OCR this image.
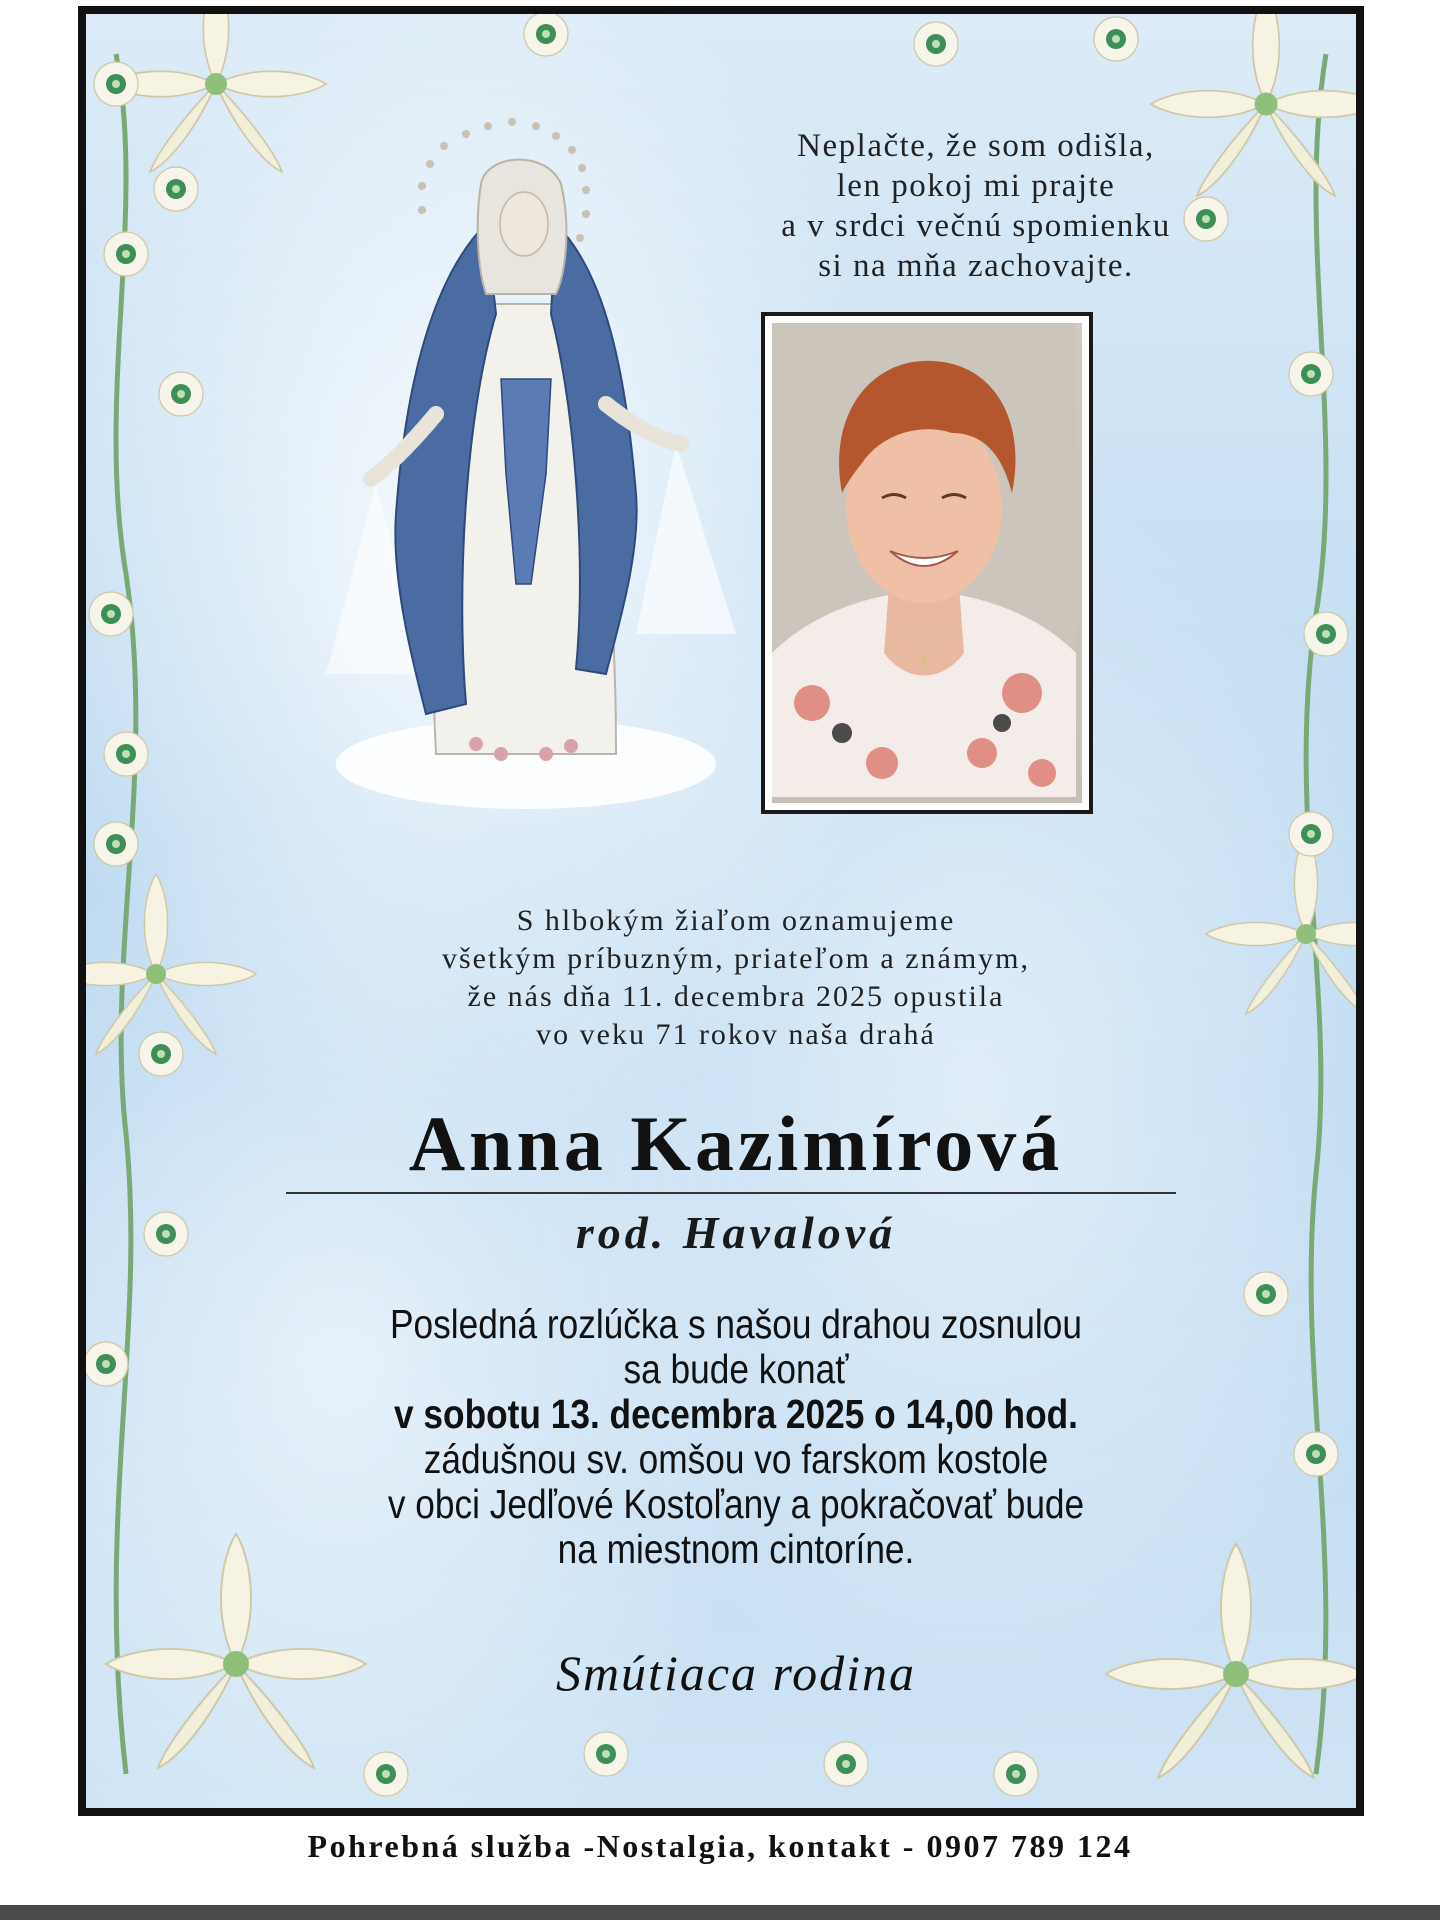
Neplačte, že som odišla,
len pokoj mi prajte
a v srdci večnú spomienku
si na mňa zachovajte.
S hlbokým žiaľom oznamujeme
všetkým príbuzným, priateľom a známym,
že nás dňa 11. decembra 2025 opustila
vo veku 71 rokov naša drahá
Anna Kazimírová
rod. Havalová
Posledná rozlúčka s našou drahou zosnulou
sa bude konať
v sobotu 13. decembra 2025 o 14,00 hod.
zádušnou sv. omšou vo farskom kostole
v obci Jedľové Kostoľany a pokračovať bude
na miestnom cintoríne.
Smútiaca rodina
Pohrebná služba -Nostalgia, kontakt - 0907 789 124
